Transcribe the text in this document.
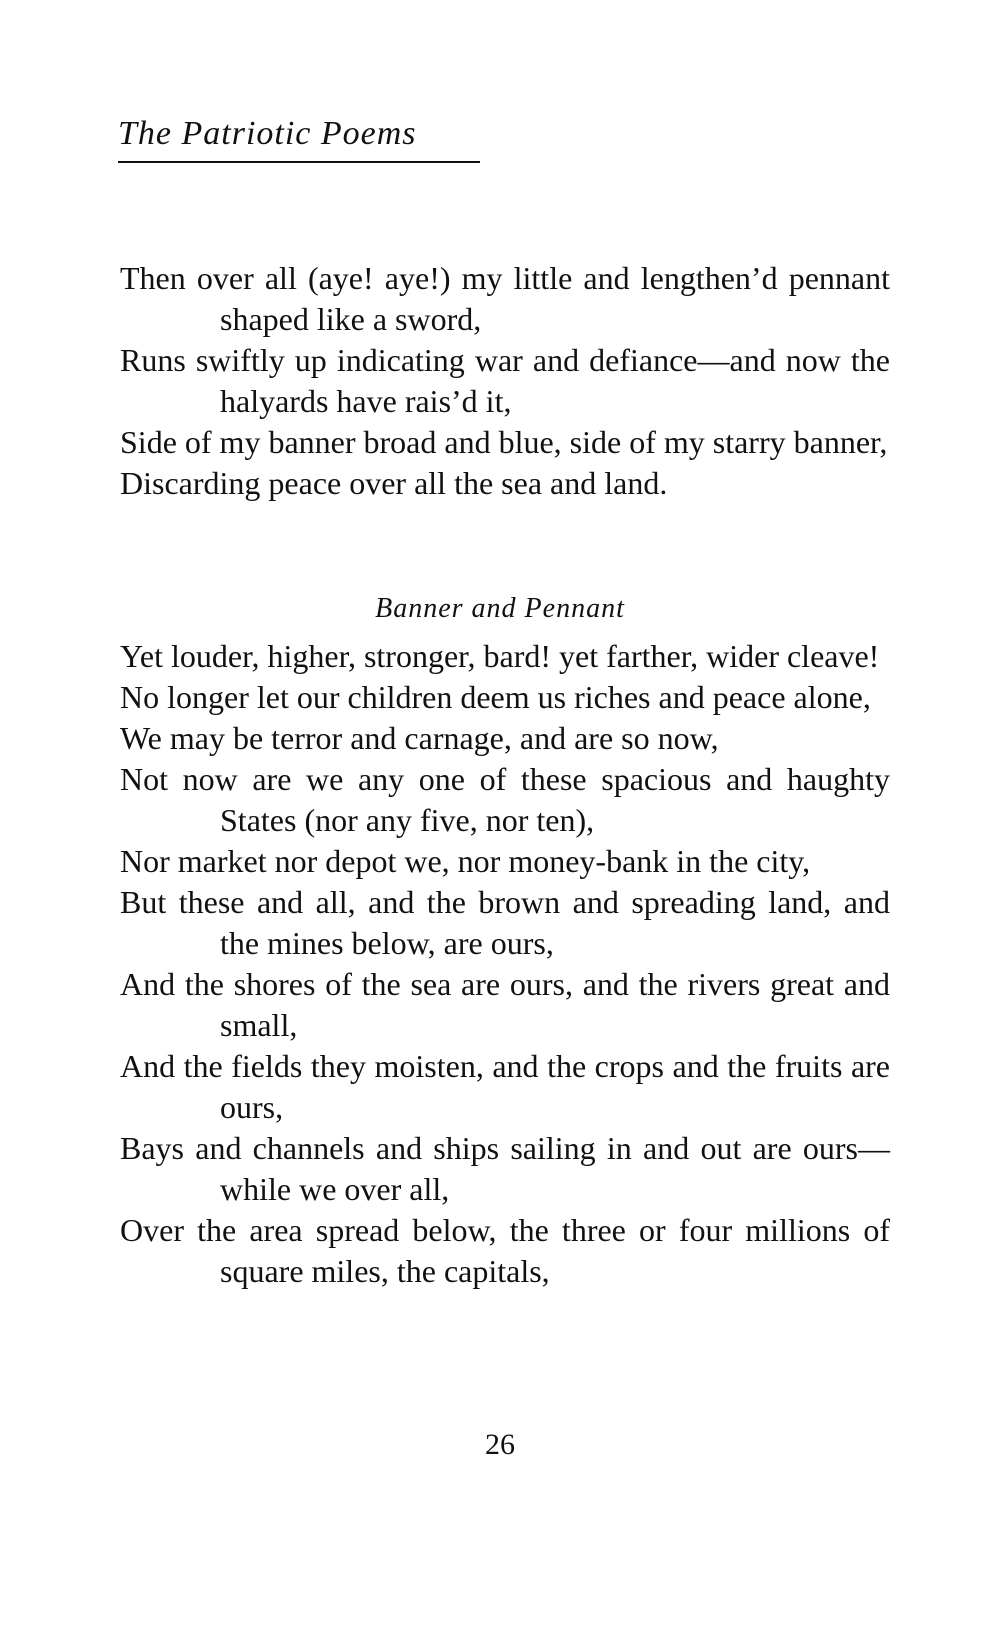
The Patriotic Poems
Then over all (aye! aye!) my little and lengthen’d pennant shaped like a sword,
Runs swiftly up indicating war and defiance—and now the halyards have rais’d it,
Side of my banner broad and blue, side of my starry banner,
Discarding peace over all the sea and land.
Banner and Pennant
Yet louder, higher, stronger, bard! yet farther, wider cleave!
No longer let our children deem us riches and peace alone,
We may be terror and carnage, and are so now,
Not now are we any one of these spacious and haughty States (nor any five, nor ten),
Nor market nor depot we, nor money-bank in the city,
But these and all, and the brown and spreading land, and the mines below, are ours,
And the shores of the sea are ours, and the rivers great and small,
And the fields they moisten, and the crops and the fruits are ours,
Bays and channels and ships sailing in and out are ours—while we over all,
Over the area spread below, the three or four millions of square miles, the capitals,
26
